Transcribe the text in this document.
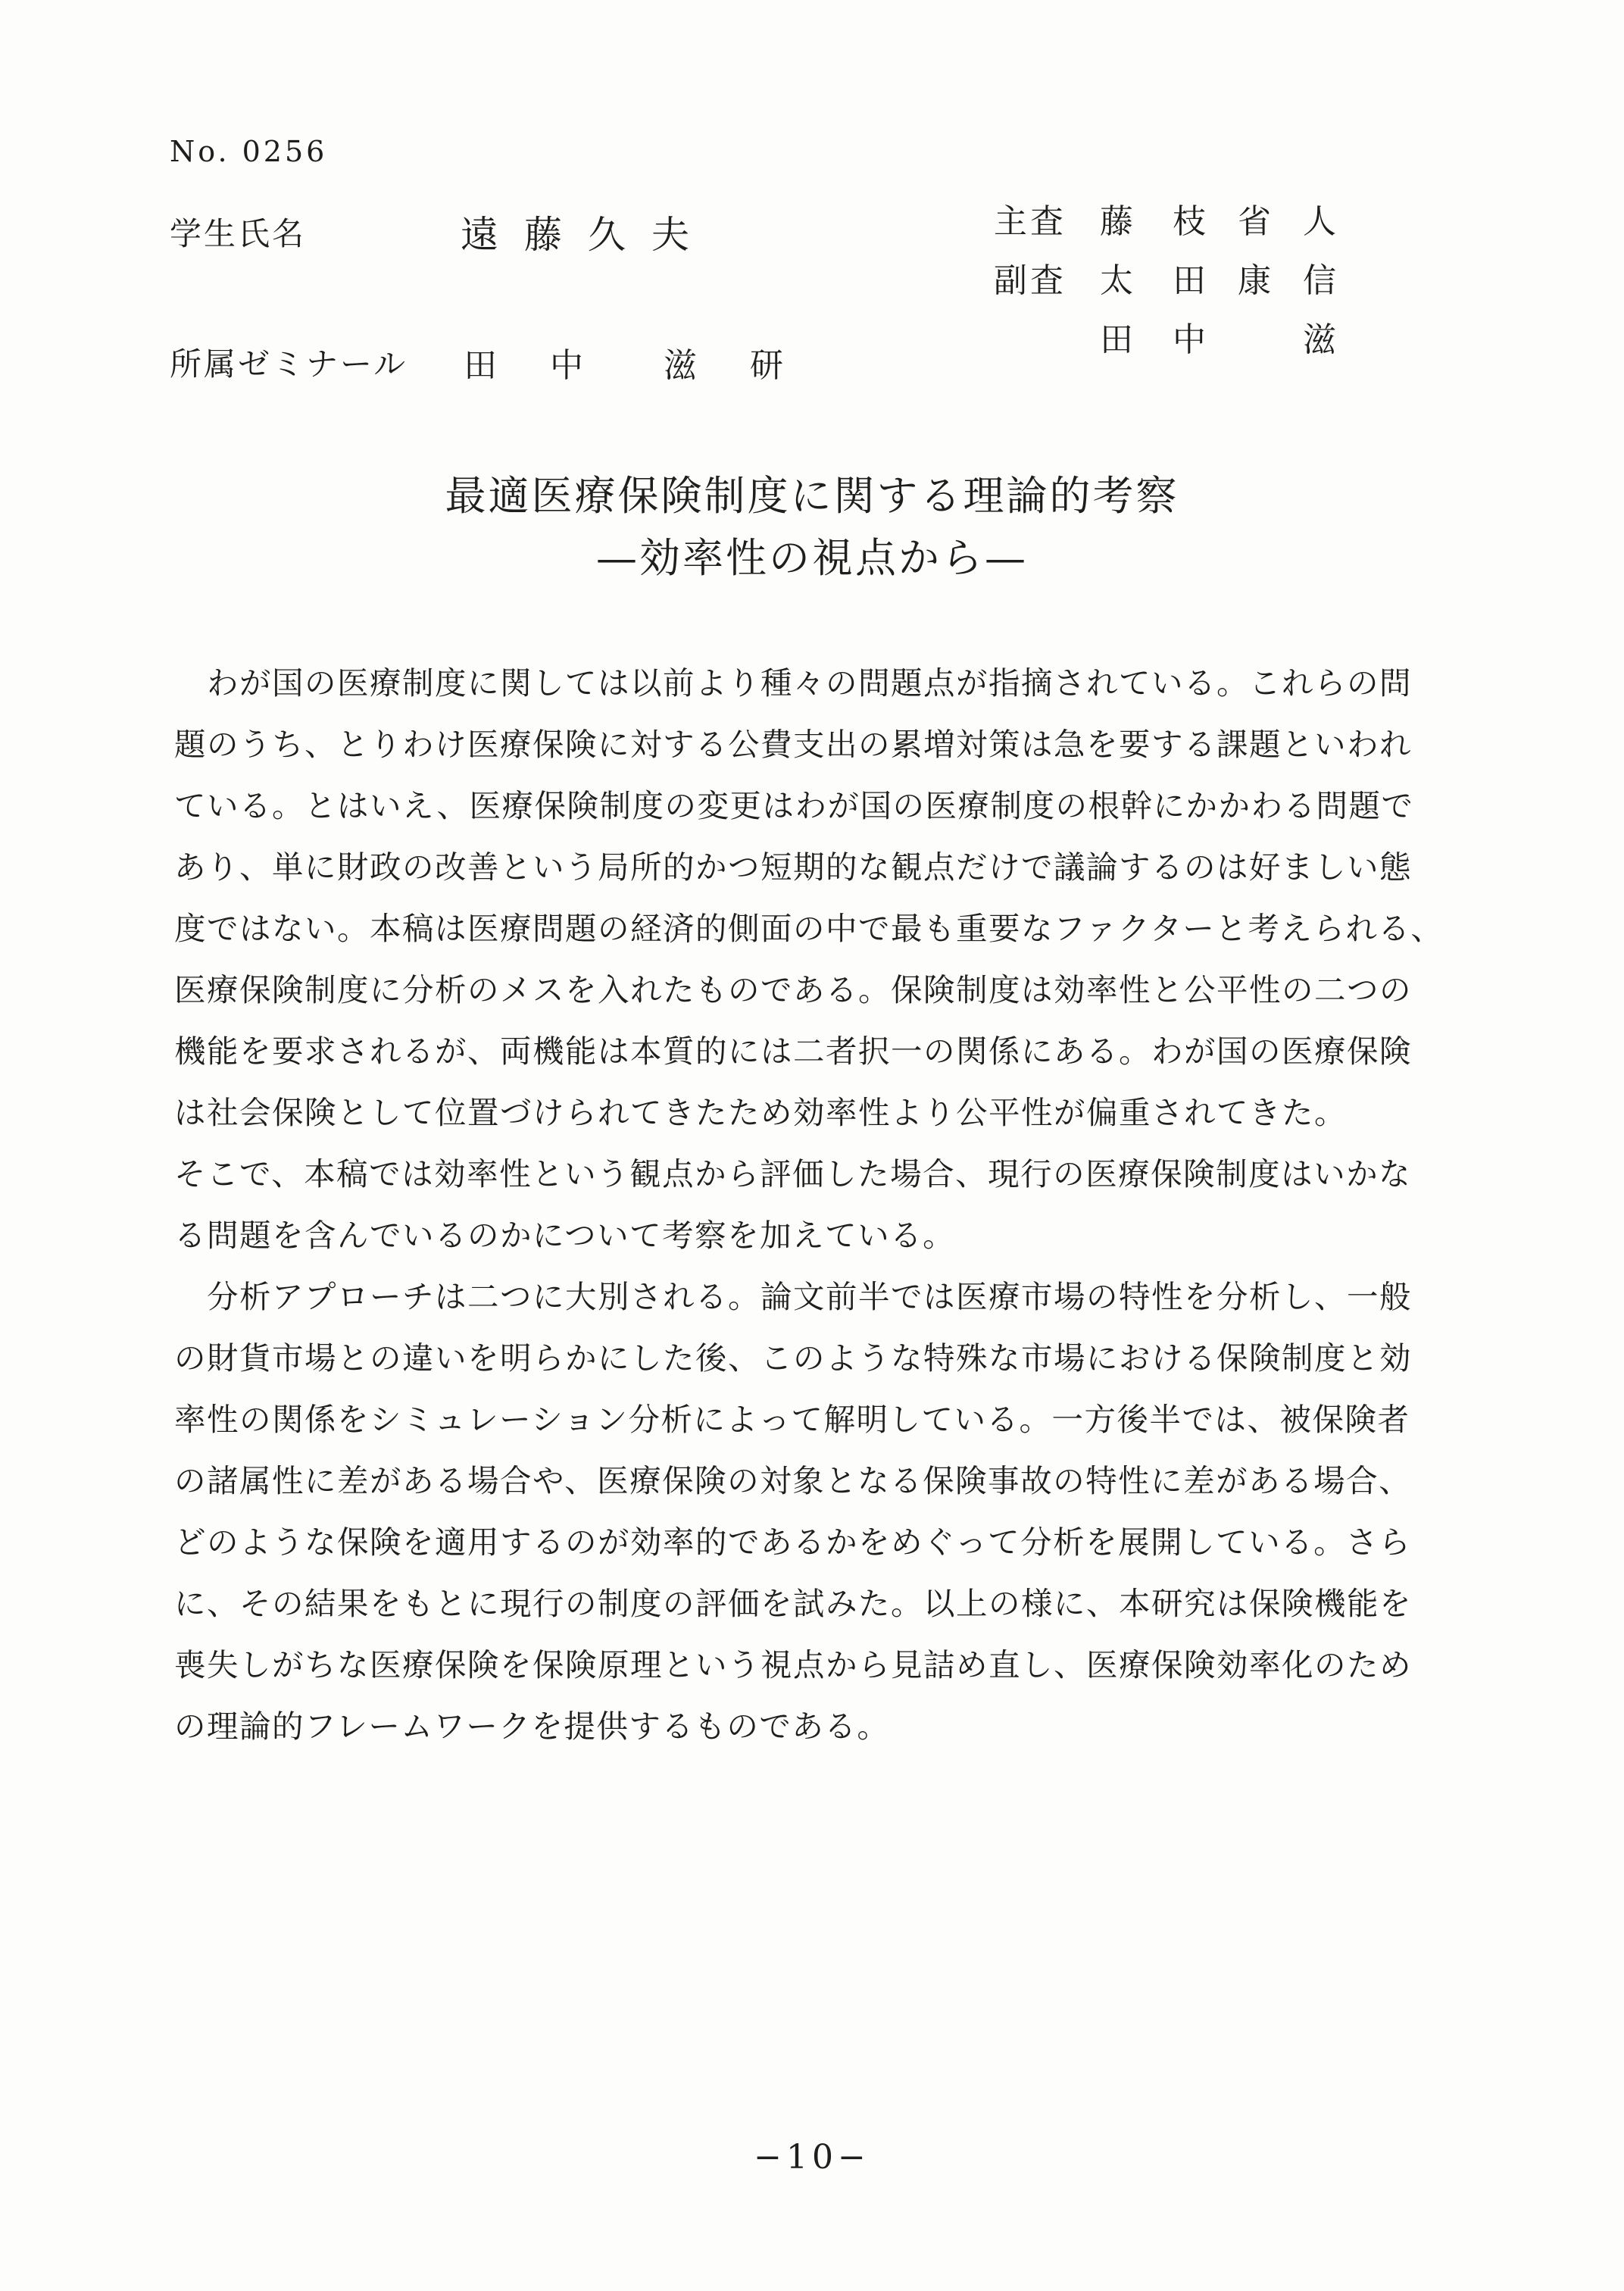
No. 0256
学生氏名	遠藤久夫
所属ゼミナール 田 中 滋 研
主査 藤 枝 省 人
副査 太 田 康 信
田 中	滋
最適医療保険制度に関する理論的考察
—効率性の視点から—
　わが国の医療制度に関しては以前より種々の問題点が指摘されている。これらの問
題のうち、とりわけ医療保険に対する公費支出の累増対策は急を要する課題といわれ
ている。とはいえ、医療保険制度の変更はわが国の医療制度の根幹にかかわる問題で
あり、単に財政の改善という局所的かつ短期的な観点だけで議論するのは好ましい態
度ではない。本稿は医療問題の経済的側面の中で最も重要なファクターと考えられる、
医療保険制度に分析のメスを入れたものである。保険制度は効率性と公平性の二つの
機能を要求されるが、両機能は本質的には二者択一の関係にある。わが国の医療保険
は社会保険として位置づけられてきたため効率性より公平性が偏重されてきた。
そこで、本稿では効率性という観点から評価した場合、現行の医療保険制度はいかな
る問題を含んでいるのかについて考察を加えている。
　分析アプローチは二つに大別される。論文前半では医療市場の特性を分析し、一般
の財貨市場との違いを明らかにした後、このような特殊な市場における保険制度と効
率性の関係をシミュレーション分析によって解明している。一方後半では、被保険者
の諸属性に差がある場合や、医療保険の対象となる保険事故の特性に差がある場合、
どのような保険を適用するのが効率的であるかをめぐって分析を展開している。さら
に、その結果をもとに現行の制度の評価を試みた。以上の様に、本研究は保険機能を
喪失しがちな医療保険を保険原理という視点から見詰め直し、医療保険効率化のため
の理論的フレームワークを提供するものである。
−10−
